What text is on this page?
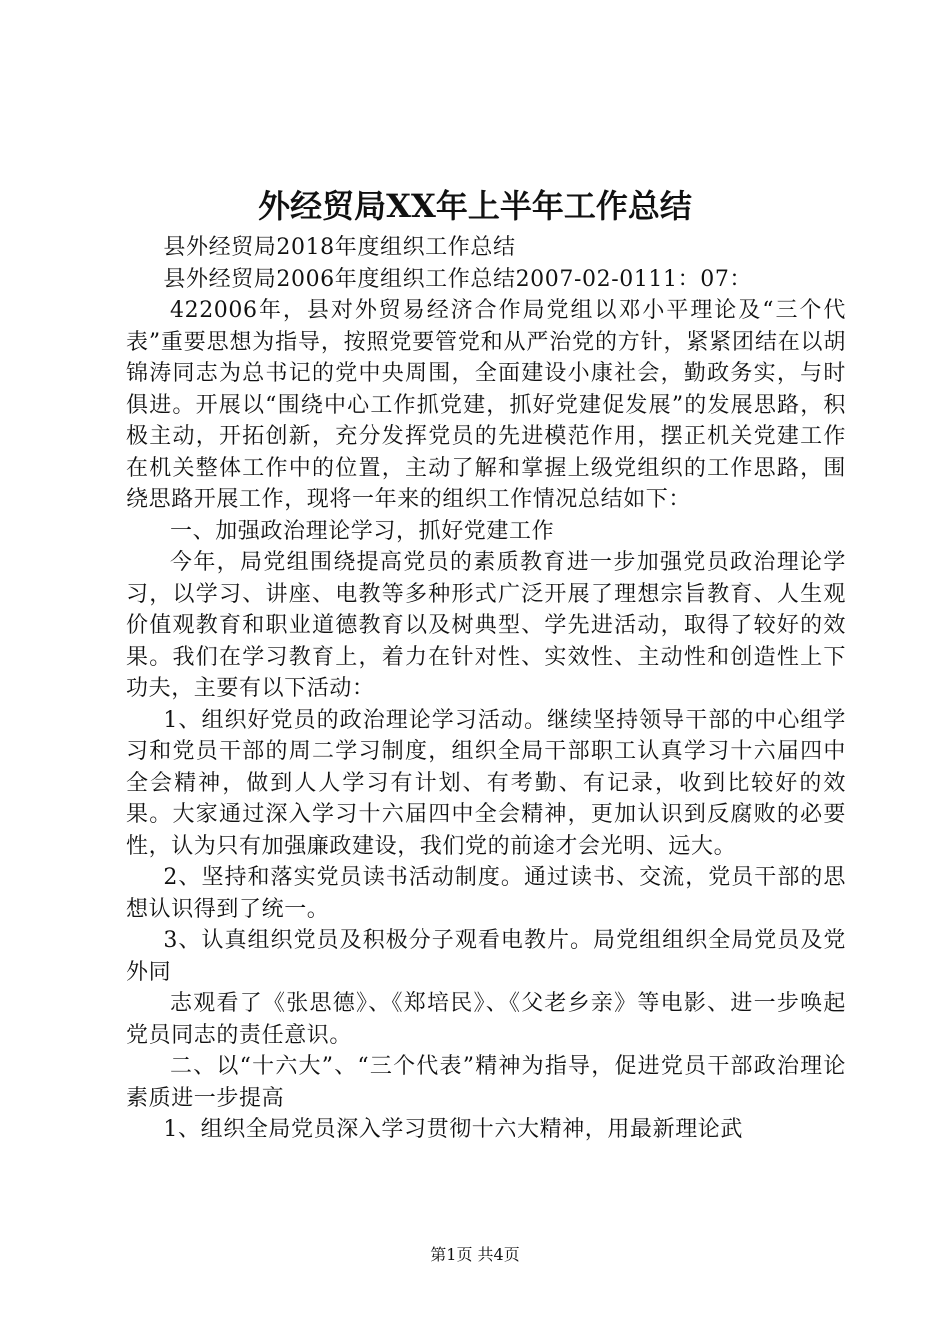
外经贸局XX年上半年工作总结

县外经贸局2018年度组织工作总结

县外经贸局2006年度组织工作总结2007-02-0111：07：

422006年，县对外贸易经济合作局党组以邓小平理论及“三个代表”重要思想为指导，按照党要管党和从严治党的方针，紧紧团结在以胡锦涛同志为总书记的党中央周围，全面建设小康社会，勤政务实，与时俱进。开展以“围绕中心工作抓党建，抓好党建促发展”的发展思路，积极主动，开拓创新，充分发挥党员的先进模范作用，摆正机关党建工作在机关整体工作中的位置，主动了解和掌握上级党组织的工作思路，围绕思路开展工作，现将一年来的组织工作情况总结如下：

一、加强政治理论学习，抓好党建工作

今年，局党组围绕提高党员的素质教育进一步加强党员政治理论学习，以学习、讲座、电教等多种形式广泛开展了理想宗旨教育、人生观价值观教育和职业道德教育以及树典型、学先进活动，取得了较好的效果。我们在学习教育上，着力在针对性、实效性、主动性和创造性上下功夫，主要有以下活动：

1、组织好党员的政治理论学习活动。继续坚持领导干部的中心组学习和党员干部的周二学习制度，组织全局干部职工认真学习十六届四中全会精神，做到人人学习有计划、有考勤、有记录，收到比较好的效果。大家通过深入学习十六届四中全会精神，更加认识到反腐败的必要性，认为只有加强廉政建设，我们党的前途才会光明、远大。

2、坚持和落实党员读书活动制度。通过读书、交流，党员干部的思想认识得到了统一。

3、认真组织党员及积极分子观看电教片。局党组组织全局党员及党外同

志观看了《张思德》、《郑培民》、《父老乡亲》等电影、进一步唤起党员同志的责任意识。

二、以“十六大”、“三个代表”精神为指导，促进党员干部政治理论素质进一步提高

1、组织全局党员深入学习贯彻十六大精神，用最新理论武

第1页 共4页
